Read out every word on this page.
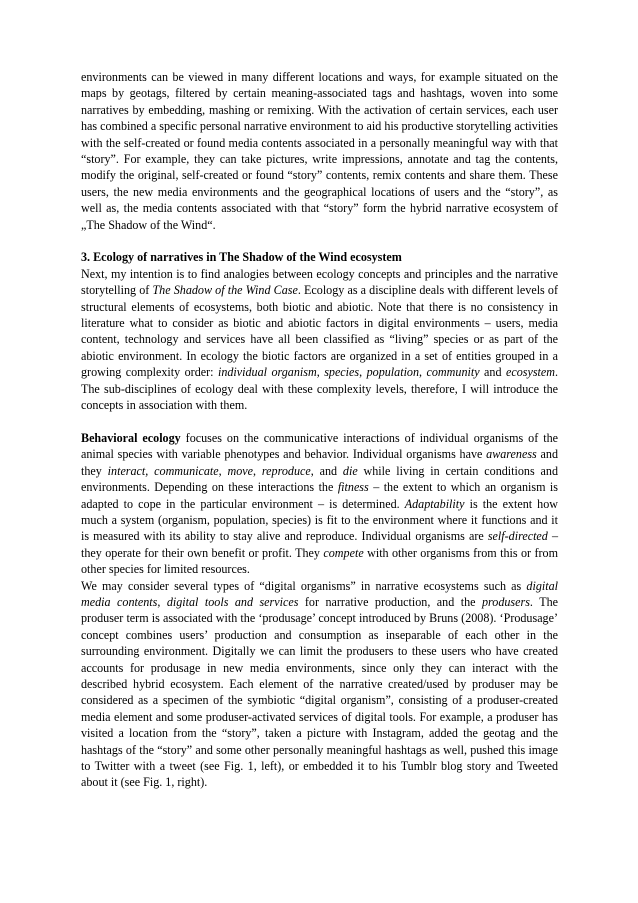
environments can be viewed in many different locations and ways, for example situated on the maps by geotags, filtered by certain meaning-associated tags and hashtags, woven into some narratives by embedding, mashing or remixing. With the activation of certain services, each user has combined a specific personal narrative environment to aid his productive storytelling activities with the self-created or found media contents associated in a personally meaningful way with that “story”. For example, they can take pictures, write impressions, annotate and tag the contents, modify the original, self-created or found “story” contents, remix contents and share them. These users, the new media environments and the geographical locations of users and the “story”, as well as, the media contents associated with that “story” form the hybrid narrative ecosystem of „The Shadow of the Wind“.

3. Ecology of narratives in The Shadow of the Wind ecosystem

Next, my intention is to find analogies between ecology concepts and principles and the narrative storytelling of The Shadow of the Wind Case. Ecology as a discipline deals with different levels of structural elements of ecosystems, both biotic and abiotic. Note that there is no consistency in literature what to consider as biotic and abiotic factors in digital environments – users, media content, technology and services have all been classified as “living” species or as part of the abiotic environment. In ecology the biotic factors are organized in a set of entities grouped in a growing complexity order: individual organism, species, population, community and ecosystem. The sub-disciplines of ecology deal with these complexity levels, therefore, I will introduce the concepts in association with them.

Behavioral ecology focuses on the communicative interactions of individual organisms of the animal species with variable phenotypes and behavior. Individual organisms have awareness and they interact, communicate, move, reproduce, and die while living in certain conditions and environments. Depending on these interactions the fitness – the extent to which an organism is adapted to cope in the particular environment – is determined. Adaptability is the extent how much a system (organism, population, species) is fit to the environment where it functions and it is measured with its ability to stay alive and reproduce. Individual organisms are self-directed – they operate for their own benefit or profit. They compete with other organisms from this or from other species for limited resources.

We may consider several types of “digital organisms” in narrative ecosystems such as digital media contents, digital tools and services for narrative production, and the produsers. The produser term is associated with the ‘produsage’ concept introduced by Bruns (2008). ‘Produsage’ concept combines users’ production and consumption as inseparable of each other in the surrounding environment. Digitally we can limit the produsers to these users who have created accounts for produsage in new media environments, since only they can interact with the described hybrid ecosystem. Each element of the narrative created/used by produser may be considered as a specimen of the symbiotic “digital organism”, consisting of a produser-created media element and some produser-activated services of digital tools. For example, a produser has visited a location from the “story”, taken a picture with Instagram, added the geotag and the hashtags of the “story” and some other personally meaningful hashtags as well, pushed this image to Twitter with a tweet (see Fig. 1, left), or embedded it to his Tumblr blog story and Tweeted about it (see Fig. 1, right).
